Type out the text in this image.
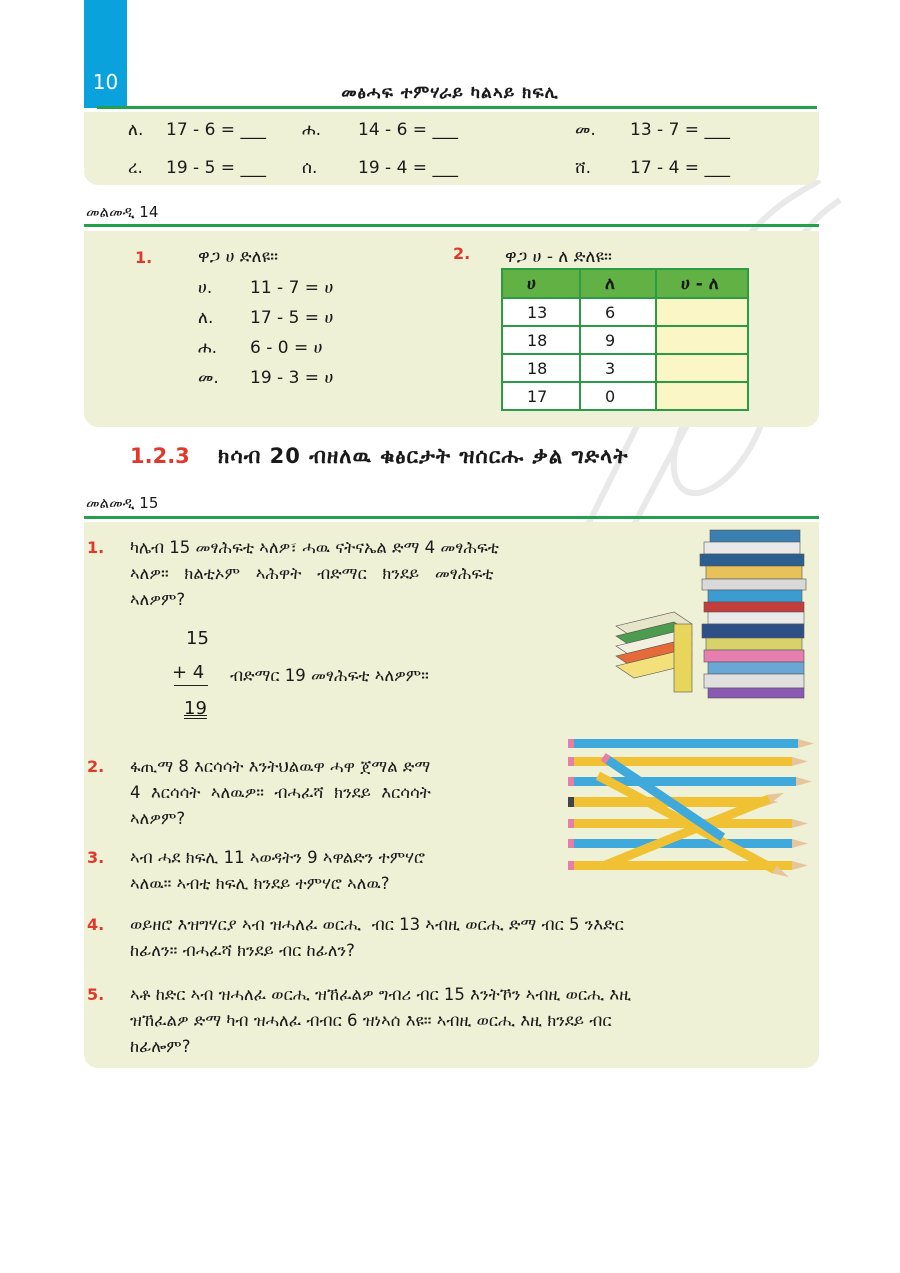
10	መፅሓፍ ተምሃራይ ካልኣይ ክፍሊ
ለ. 17 - 6 = ___ ሐ. 14 - 6 = ___	መ. 13 - 7 = ___
ረ. 19 - 5 = ___ ሰ. 19 - 4 = ___	ሸ. 17 - 4 = ___
መልመዲ 14
1.	ዋጋ ሀ ድለዩ።
ሀ. 11 - 7 = ሀ
ለ. 17 - 5 = ሀ
ሐ. 6 - 0 = ሀ
መ. 19 - 3 = ሀ
2. ዋጋ ሀ - ለ ድለዩ።
ሀ	ለ	ሀ - ለ
13	6	
18	9	
18	3	
17	0	
1.2.3 ክሳብ 20 ብዘለዉ ቁፅርታት ዝሰርሑ ቃል ግድላት
መልመዲ 15
1. ካሌብ 15 መፃሕፍቲ ኣለዎ፣ ሓዉ ናትናኤል ድማ 4 መፃሕፍቲ
ኣለዎ።   ክልቲኦም   ኣሕዋት   ብድማር   ክንደይ   መፃሕፍቲ
ኣለዎም?
15
+ 4
19
ብድማር 19 መፃሕፍቲ ኣለዎም።
2. ፋጢማ 8 እርሳሳት እንትህልዉዋ ሓዋ ጀማል ድማ
4  እርሳሳት  ኣለዉዎ።  ብሓፈሻ  ክንደይ  እርሳሳት
ኣለዎም?
3. ኣብ ሓደ ክፍሊ 11 ኣወዳትን 9 ኣዋልድን ተምሃሮ
ኣለዉ። ኣብቲ ክፍሊ ክንደይ ተምሃሮ ኣለዉ?
4. ወይዘሮ እዝግሃርያ ኣብ ዝሓለፈ ወርሒ  ብር 13 ኣብዚ ወርሒ ድማ ብር 5 ንእድር
ከፊለን። ብሓፈሻ ክንደይ ብር ከፊለን?
5. ኣቶ ከድር ኣብ ዝሓለፈ ወርሒ ዝኸፈልዎ ግብሪ ብር 15 እንትኾን ኣብዚ ወርሒ እዚ
ዝኸፈልዎ ድማ ካብ ዝሓለፈ ብብር 6 ዝነኣሰ እዩ። ኣብዚ ወርሒ እዚ ክንደይ ብር
ከፊሎም?
